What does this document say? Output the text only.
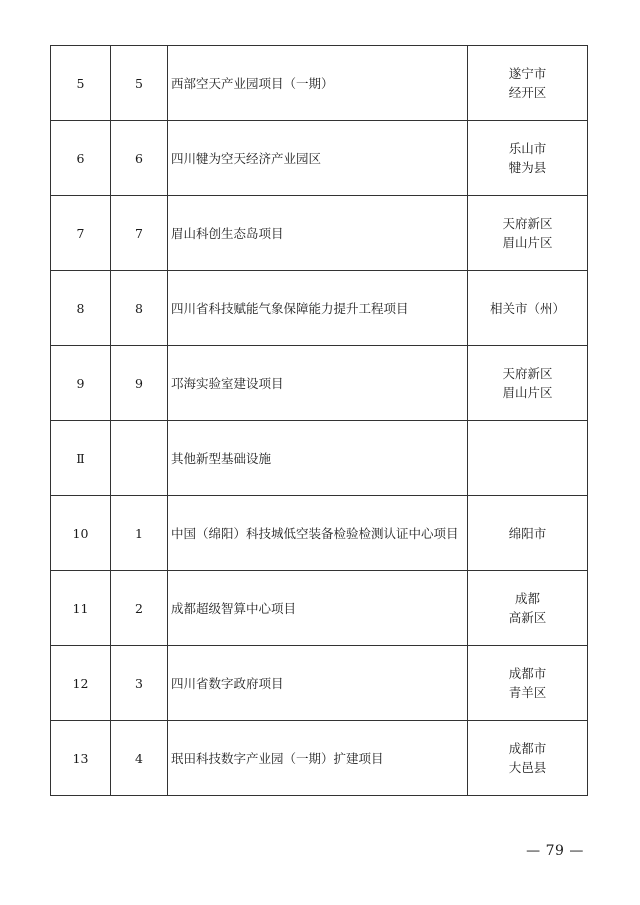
5	5	西部空天产业园项目（一期）	遂宁市
经开区
6	6	四川犍为空天经济产业园区	乐山市
犍为县
7	7	眉山科创生态岛项目	天府新区
眉山片区
8	8	四川省科技赋能气象保障能力提升工程项目	相关市（州）
9	9	邛海实验室建设项目	天府新区
眉山片区
Ⅱ		其他新型基础设施	
10	1	中国（绵阳）科技城低空装备检验检测认证中心项目	绵阳市
11	2	成都超级智算中心项目	成都
高新区
12	3	四川省数字政府项目	成都市
青羊区
13	4	珉田科技数字产业园（一期）扩建项目	成都市
大邑县
— 79 —
